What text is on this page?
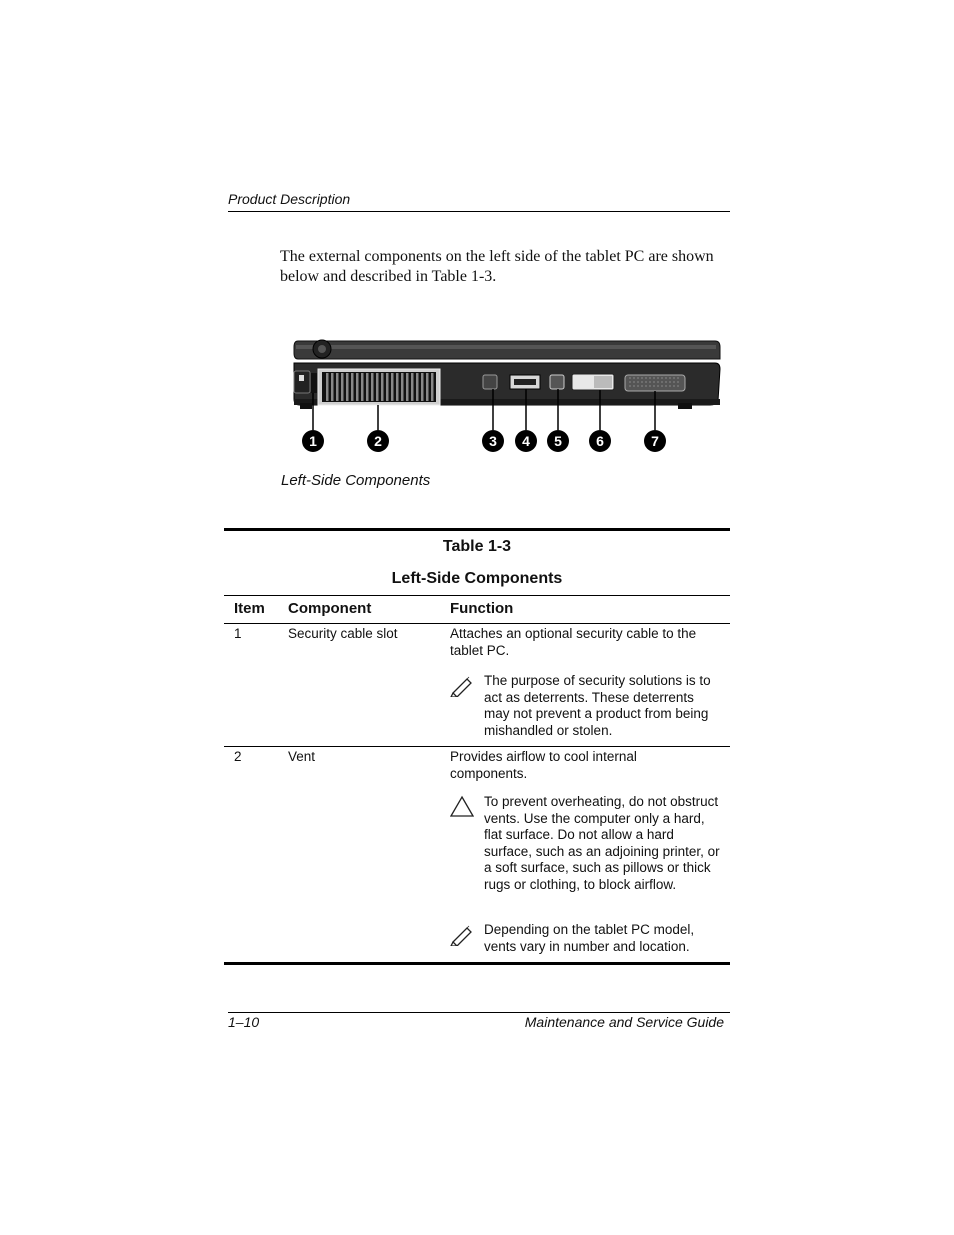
Product Description
The external components on the left side of the tablet PC are shown below and described in Table 1-3.
1	2	3 4 5 6	7
Left-Side Components
Table 1-3
Left-Side Components
Item Component	Function
1	Security cable slot	Attaches an optional security cable to the tablet PC.
The purpose of security solutions is to act as deterrents. These deterrents may not prevent a product from being mishandled or stolen.
2	Vent	Provides airflow to cool internal components.
To prevent overheating, do not obstruct vents. Use the computer only a hard, flat surface. Do not allow a hard surface, such as an adjoining printer, or a soft surface, such as pillows or thick rugs or clothing, to block airflow.
Depending on the tablet PC model, vents vary in number and location.
1–10	Maintenance and Service Guide
